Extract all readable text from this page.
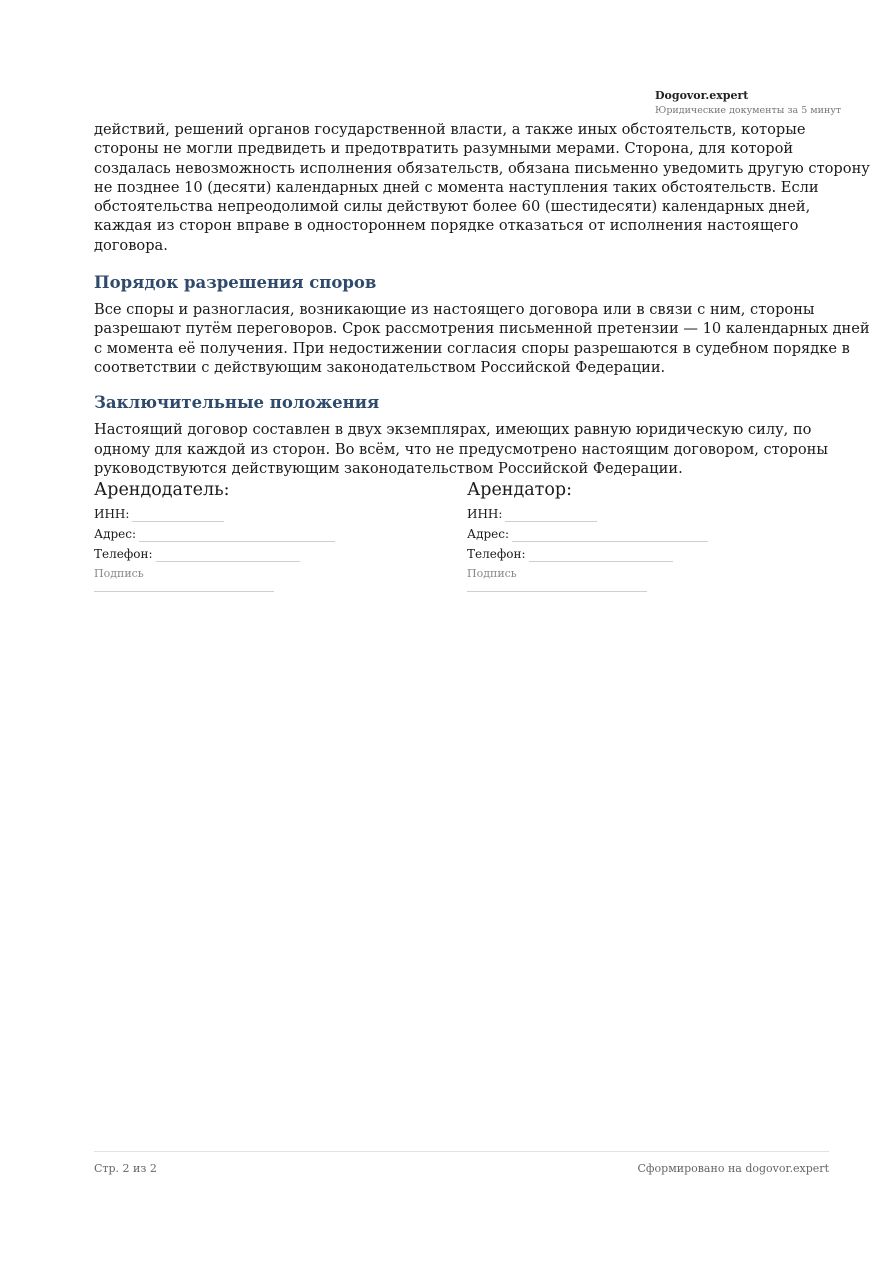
Dogovor.expert
Юридические документы за 5 минут

действий, решений органов государственной власти, а также иных обстоятельств, которые стороны не могли предвидеть и предотвратить разумными мерами. Сторона, для которой создалась невозможность исполнения обязательств, обязана письменно уведомить другую сторону не позднее 10 (десяти) календарных дней с момента наступления таких обстоятельств. Если обстоятельства непреодолимой силы действуют более 60 (шестидесяти) календарных дней, каждая из сторон вправе в одностороннем порядке отказаться от исполнения настоящего договора.

Порядок разрешения споров

Все споры и разногласия, возникающие из настоящего договора или в связи с ним, стороны разрешают путём переговоров. Срок рассмотрения письменной претензии — 10 календарных дней с момента её получения. При недостижении согласия споры разрешаются в судебном порядке в соответствии с действующим законодательством Российской Федерации.

Заключительные положения

Настоящий договор составлен в двух экземплярах, имеющих равную юридическую силу, по одному для каждой из сторон. Во всём, что не предусмотрено настоящим договором, стороны руководствуются действующим законодательством Российской Федерации.

Арендодатель:
ИНН:
Адрес:
Телефон:
Подпись
Арендатор:
ИНН:
Адрес:
Телефон:
Подпись
Стр. 2 из 2	Сформировано на dogovor.expert
